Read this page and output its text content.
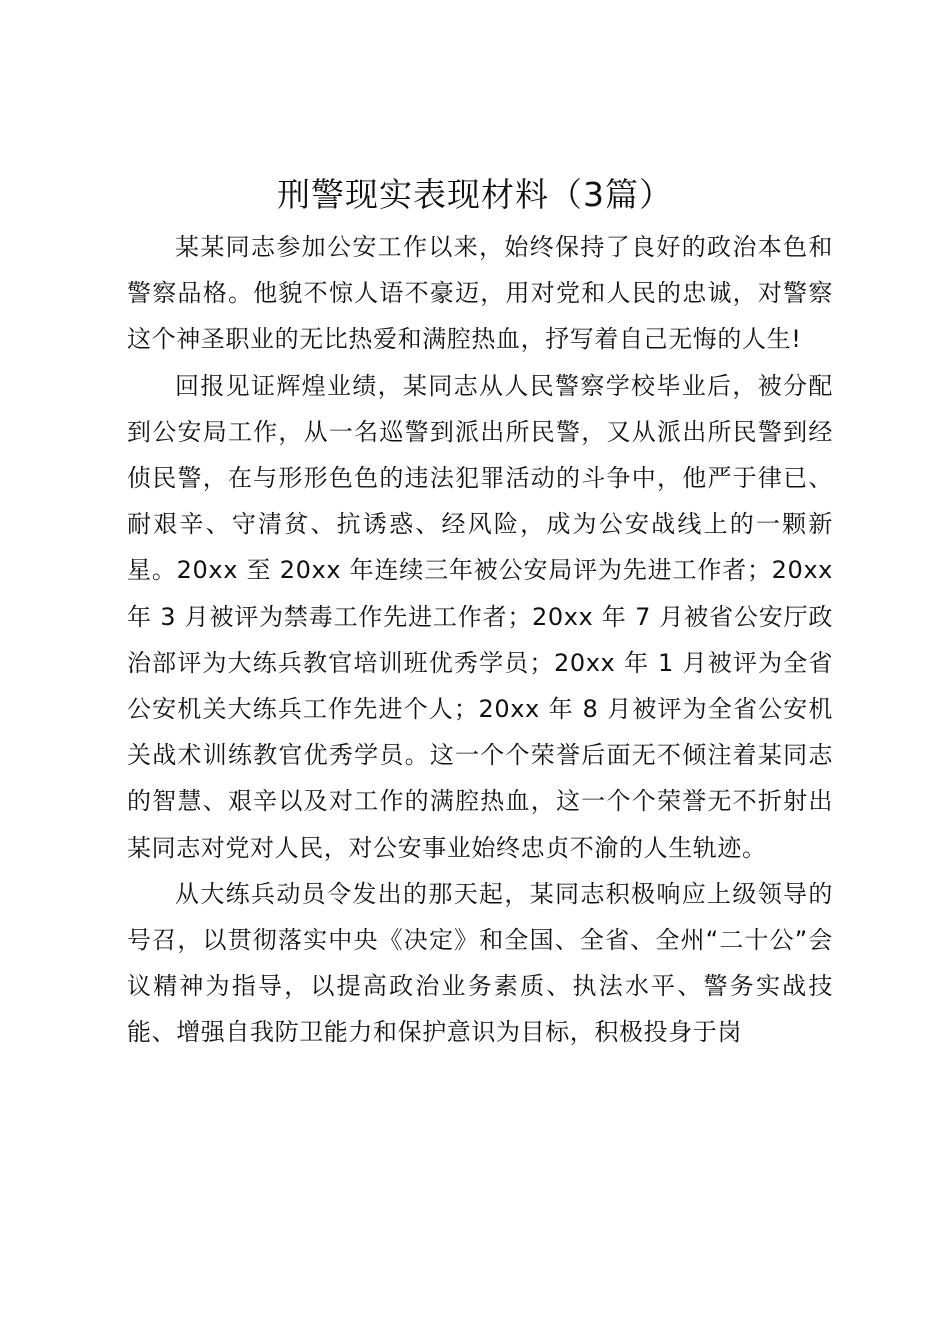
刑警现实表现材料（3篇）

某某同志参加公安工作以来，始终保持了良好的政治本色和警察品格。他貌不惊人语不豪迈，用对党和人民的忠诚，对警察这个神圣职业的无比热爱和满腔热血，抒写着自己无悔的人生!

回报见证辉煌业绩，某同志从人民警察学校毕业后，被分配到公安局工作，从一名巡警到派出所民警，又从派出所民警到经侦民警，在与形形色色的违法犯罪活动的斗争中，他严于律已、耐艰辛、守清贫、抗诱惑、经风险，成为公安战线上的一颗新星。20xx 至 20xx 年连续三年被公安局评为先进工作者；20xx 年 3 月被评为禁毒工作先进工作者；20xx 年 7 月被省公安厅政治部评为大练兵教官培训班优秀学员；20xx 年 1 月被评为全省公安机关大练兵工作先进个人；20xx 年 8 月被评为全省公安机关战术训练教官优秀学员。这一个个荣誉后面无不倾注着某同志的智慧、艰辛以及对工作的满腔热血，这一个个荣誉无不折射出某同志对党对人民，对公安事业始终忠贞不渝的人生轨迹。

从大练兵动员令发出的那天起，某同志积极响应上级领导的号召，以贯彻落实中央《决定》和全国、全省、全州“二十公”会议精神为指导，以提高政治业务素质、执法水平、警务实战技能、增强自我防卫能力和保护意识为目标，积极投身于岗
